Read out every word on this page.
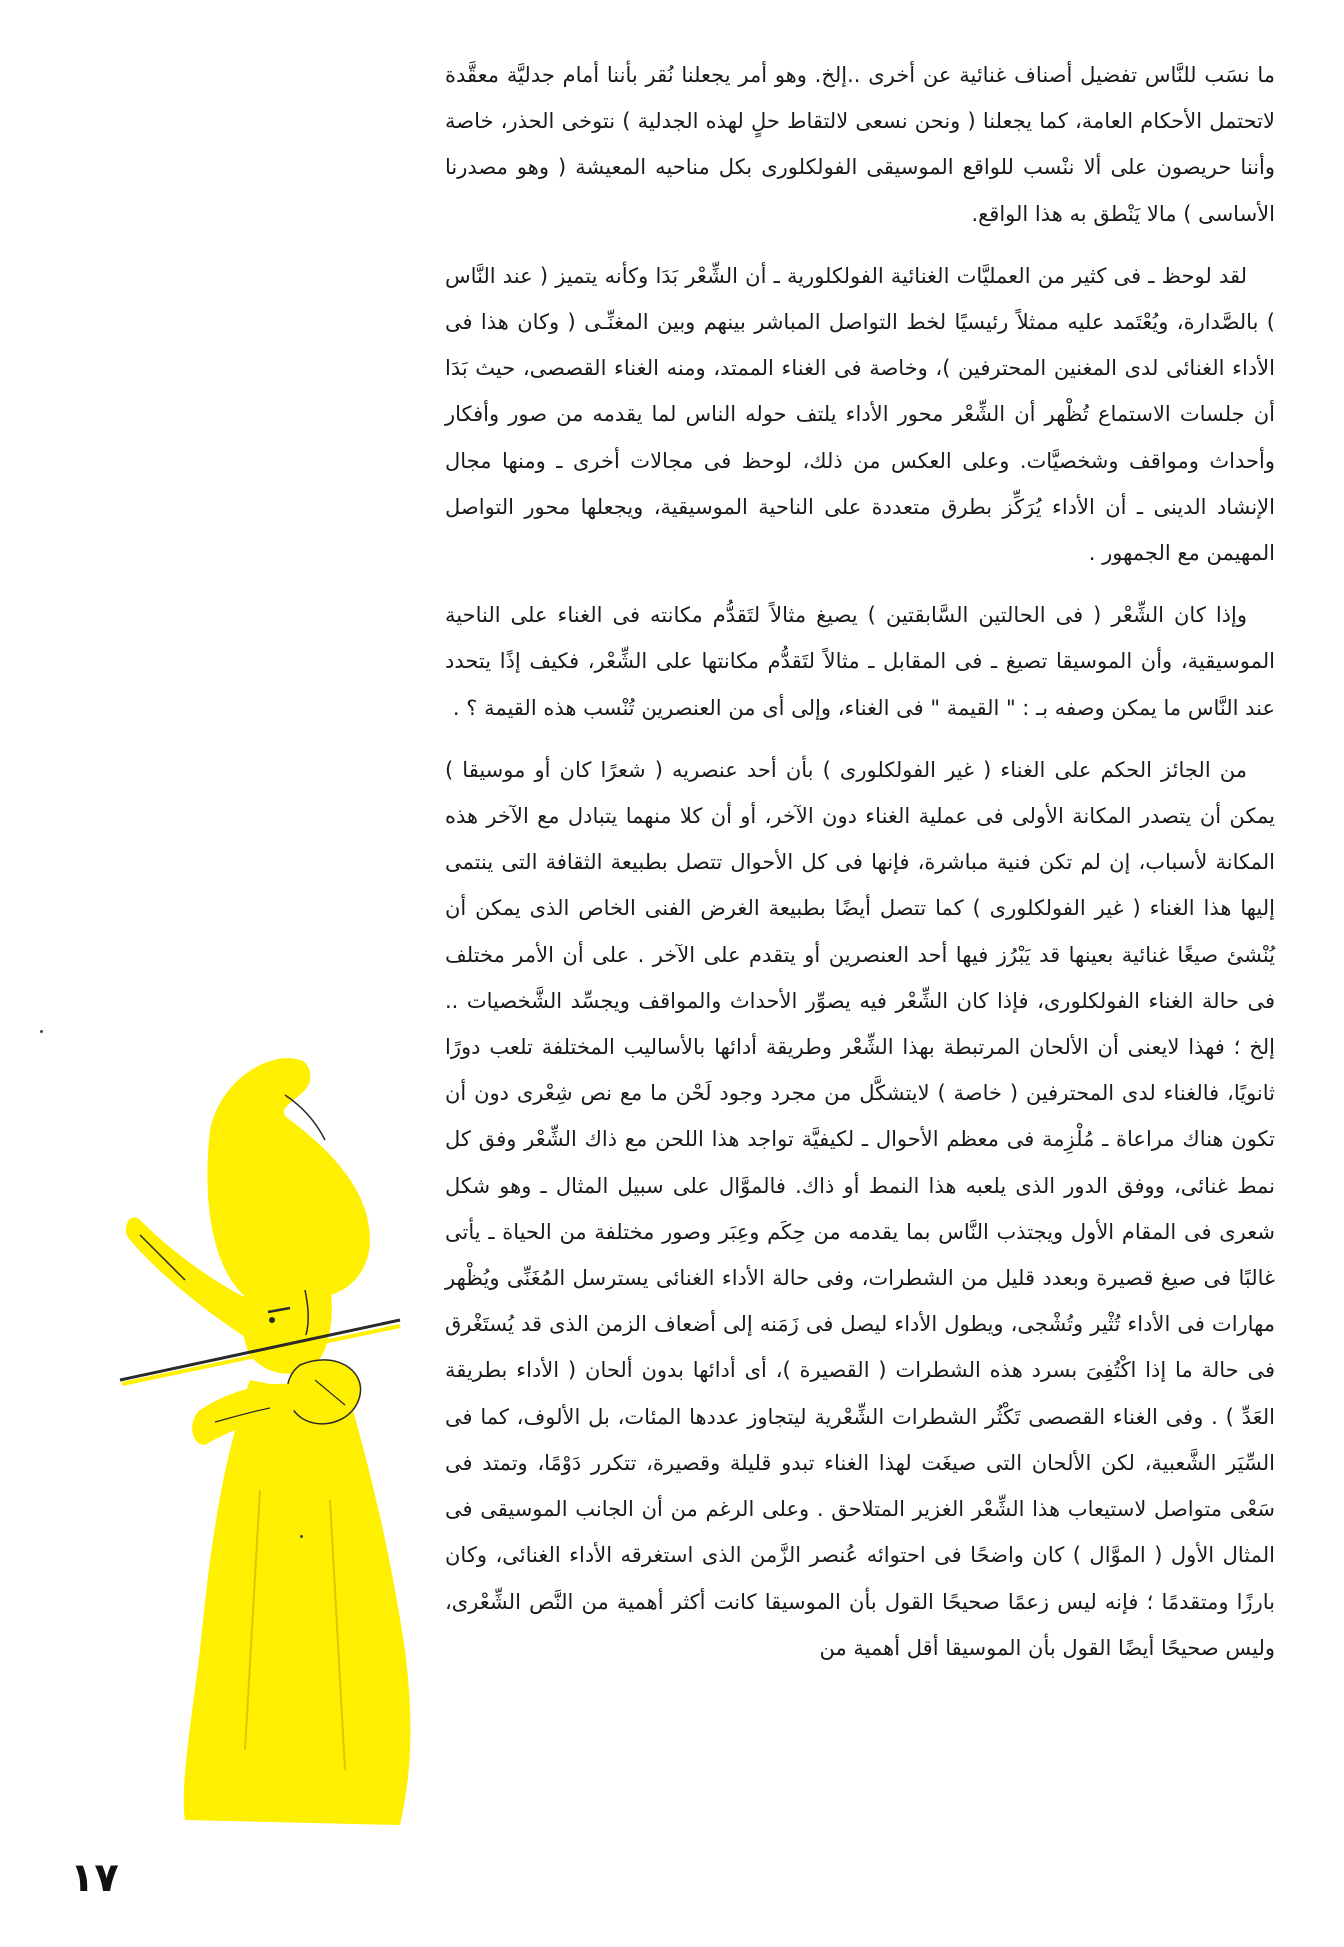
ما نسَب للنَّاس تفضيل أصناف غنائية عن أخرى ..إلخ. وهو أمر يجعلنا نُقر بأننا أمام جدليَّة معقَّدة لاتحتمل الأحكام العامة، كما يجعلنا ( ونحن نسعى لالتقاط حلٍ لهذه الجدلية ) نتوخى الحذر، خاصة وأننا حريصون على ألا ننْسب للواقع الموسيقى الفولكلورى بكل مناحيه المعيشة ( وهو مصدرنا الأساسى ) مالا يَنْطق به هذا الواقع.

لقد لوحظ ـ فى كثير من العمليَّات الغنائية الفولكلورية ـ أن الشِّعْر بَدَا وكأنه يتميز ( عند النَّاس ) بالصَّدارة، ويُعْتَمد عليه ممثلاً رئيسيًا لخط التواصل المباشر بينهم وبين المغنِّـى ( وكان هذا فى الأداء الغنائى لدى المغنين المحترفين )، وخاصة فى الغناء الممتد، ومنه الغناء القصصى، حيث بَدَا أن جلسات الاستماع تُظْهر أن الشِّعْر محور الأداء يلتف حوله الناس لما يقدمه من صور وأفكار وأحداث ومواقف وشخصيَّات. وعلى العكس من ذلك، لوحظ فى مجالات أخرى ـ ومنها مجال الإنشاد الدينى ـ أن الأداء يُرَكِّز بطرق متعددة على الناحية الموسيقية، ويجعلها محور التواصل المهيمن مع الجمهور .

وإذا كان الشِّعْر ( فى الحالتين السَّابقتين ) يصيغ مثالاً لتَقدُّم مكانته فى الغناء على الناحية الموسيقية، وأن الموسيقا تصيغ ـ فى المقابل ـ مثالاً لتَقدُّم مكانتها على الشِّعْر، فكيف إذًا يتحدد عند النَّاس ما يمكن وصفه بـ : " القيمة " فى الغناء، وإلى أى من العنصرين تُنْسب هذه القيمة ؟ .

من الجائز الحكم على الغناء ( غير الفولكلورى ) بأن أحد عنصريه ( شعرًا كان أو موسيقا ) يمكن أن يتصدر المكانة الأولى فى عملية الغناء دون الآخر، أو أن كلا منهما يتبادل مع الآخر هذه المكانة لأسباب، إن لم تكن فنية مباشرة، فإنها فى كل الأحوال تتصل بطبيعة الثقافة التى ينتمى إليها هذا الغناء ( غير الفولكلورى ) كما تتصل أيضًا بطبيعة الغرض الفنى الخاص الذى يمكن أن يُنْشئ صيغًا غنائية بعينها قد يَبْرُز فيها أحد العنصرين أو يتقدم على الآخر . على أن الأمر مختلف فى حالة الغناء الفولكلورى، فإذا كان الشِّعْر فيه يصوِّر الأحداث والمواقف ويجسِّد الشَّخصيات .. إلخ ؛ فهذا لايعنى أن الألحان المرتبطة بهذا الشِّعْر وطريقة أدائها بالأساليب المختلفة تلعب دورًا ثانويًا، فالغناء لدى المحترفين ( خاصة ) لايتشكَّل من مجرد وجود لَحْن ما مع نص شِعْرى دون أن تكون هناك مراعاة ـ مُلْزِمة فى معظم الأحوال ـ لكيفيَّة تواجد هذا اللحن مع ذاك الشِّعْر وفق كل نمط غنائى، ووفق الدور الذى يلعبه هذا النمط أو ذاك. فالموَّال على سبيل المثال ـ وهو شكل شعرى فى المقام الأول ويجتذب النَّاس بما يقدمه من حِكَم وعِبَر وصور مختلفة من الحياة ـ يأتى غالبًا فى صيغ قصيرة وبعدد قليل من الشطرات، وفى حالة الأداء الغنائى يسترسل المُغَنِّى ويُظْهر مهارات فى الأداء تُثْير وتُشْجى، ويطول الأداء ليصل فى زَمَنه إلى أضعاف الزمن الذى قد يُستَغْرق فى حالة ما إذا اكْتُفِىَ بسرد هذه الشطرات ( القصيرة )، أى أدائها بدون ألحان ( الأداء بطريقة العَدِّ ) . وفى الغناء القصصى تَكْثُر الشطرات الشِّعْرية ليتجاوز عددها المئات، بل الألوف، كما فى السِّيَر الشَّعبية، لكن الألحان التى صيغَت لهذا الغناء تبدو قليلة وقصيرة، تتكرر دَوْمًا، وتمتد فى سَعْى متواصل لاستيعاب هذا الشِّعْر الغزير المتلاحق . وعلى الرغم من أن الجانب الموسيقى فى المثال الأول ( الموَّال ) كان واضحًا فى احتوائه عُنصر الزَّمن الذى استغرقه الأداء الغنائى، وكان بارزًا ومتقدمًا ؛ فإنه ليس زعمًا صحيحًا القول بأن الموسيقا كانت أكثر أهمية من النَّص الشِّعْرى، وليس صحيحًا أيضًا القول بأن الموسيقا أقل أهمية من

١٧
